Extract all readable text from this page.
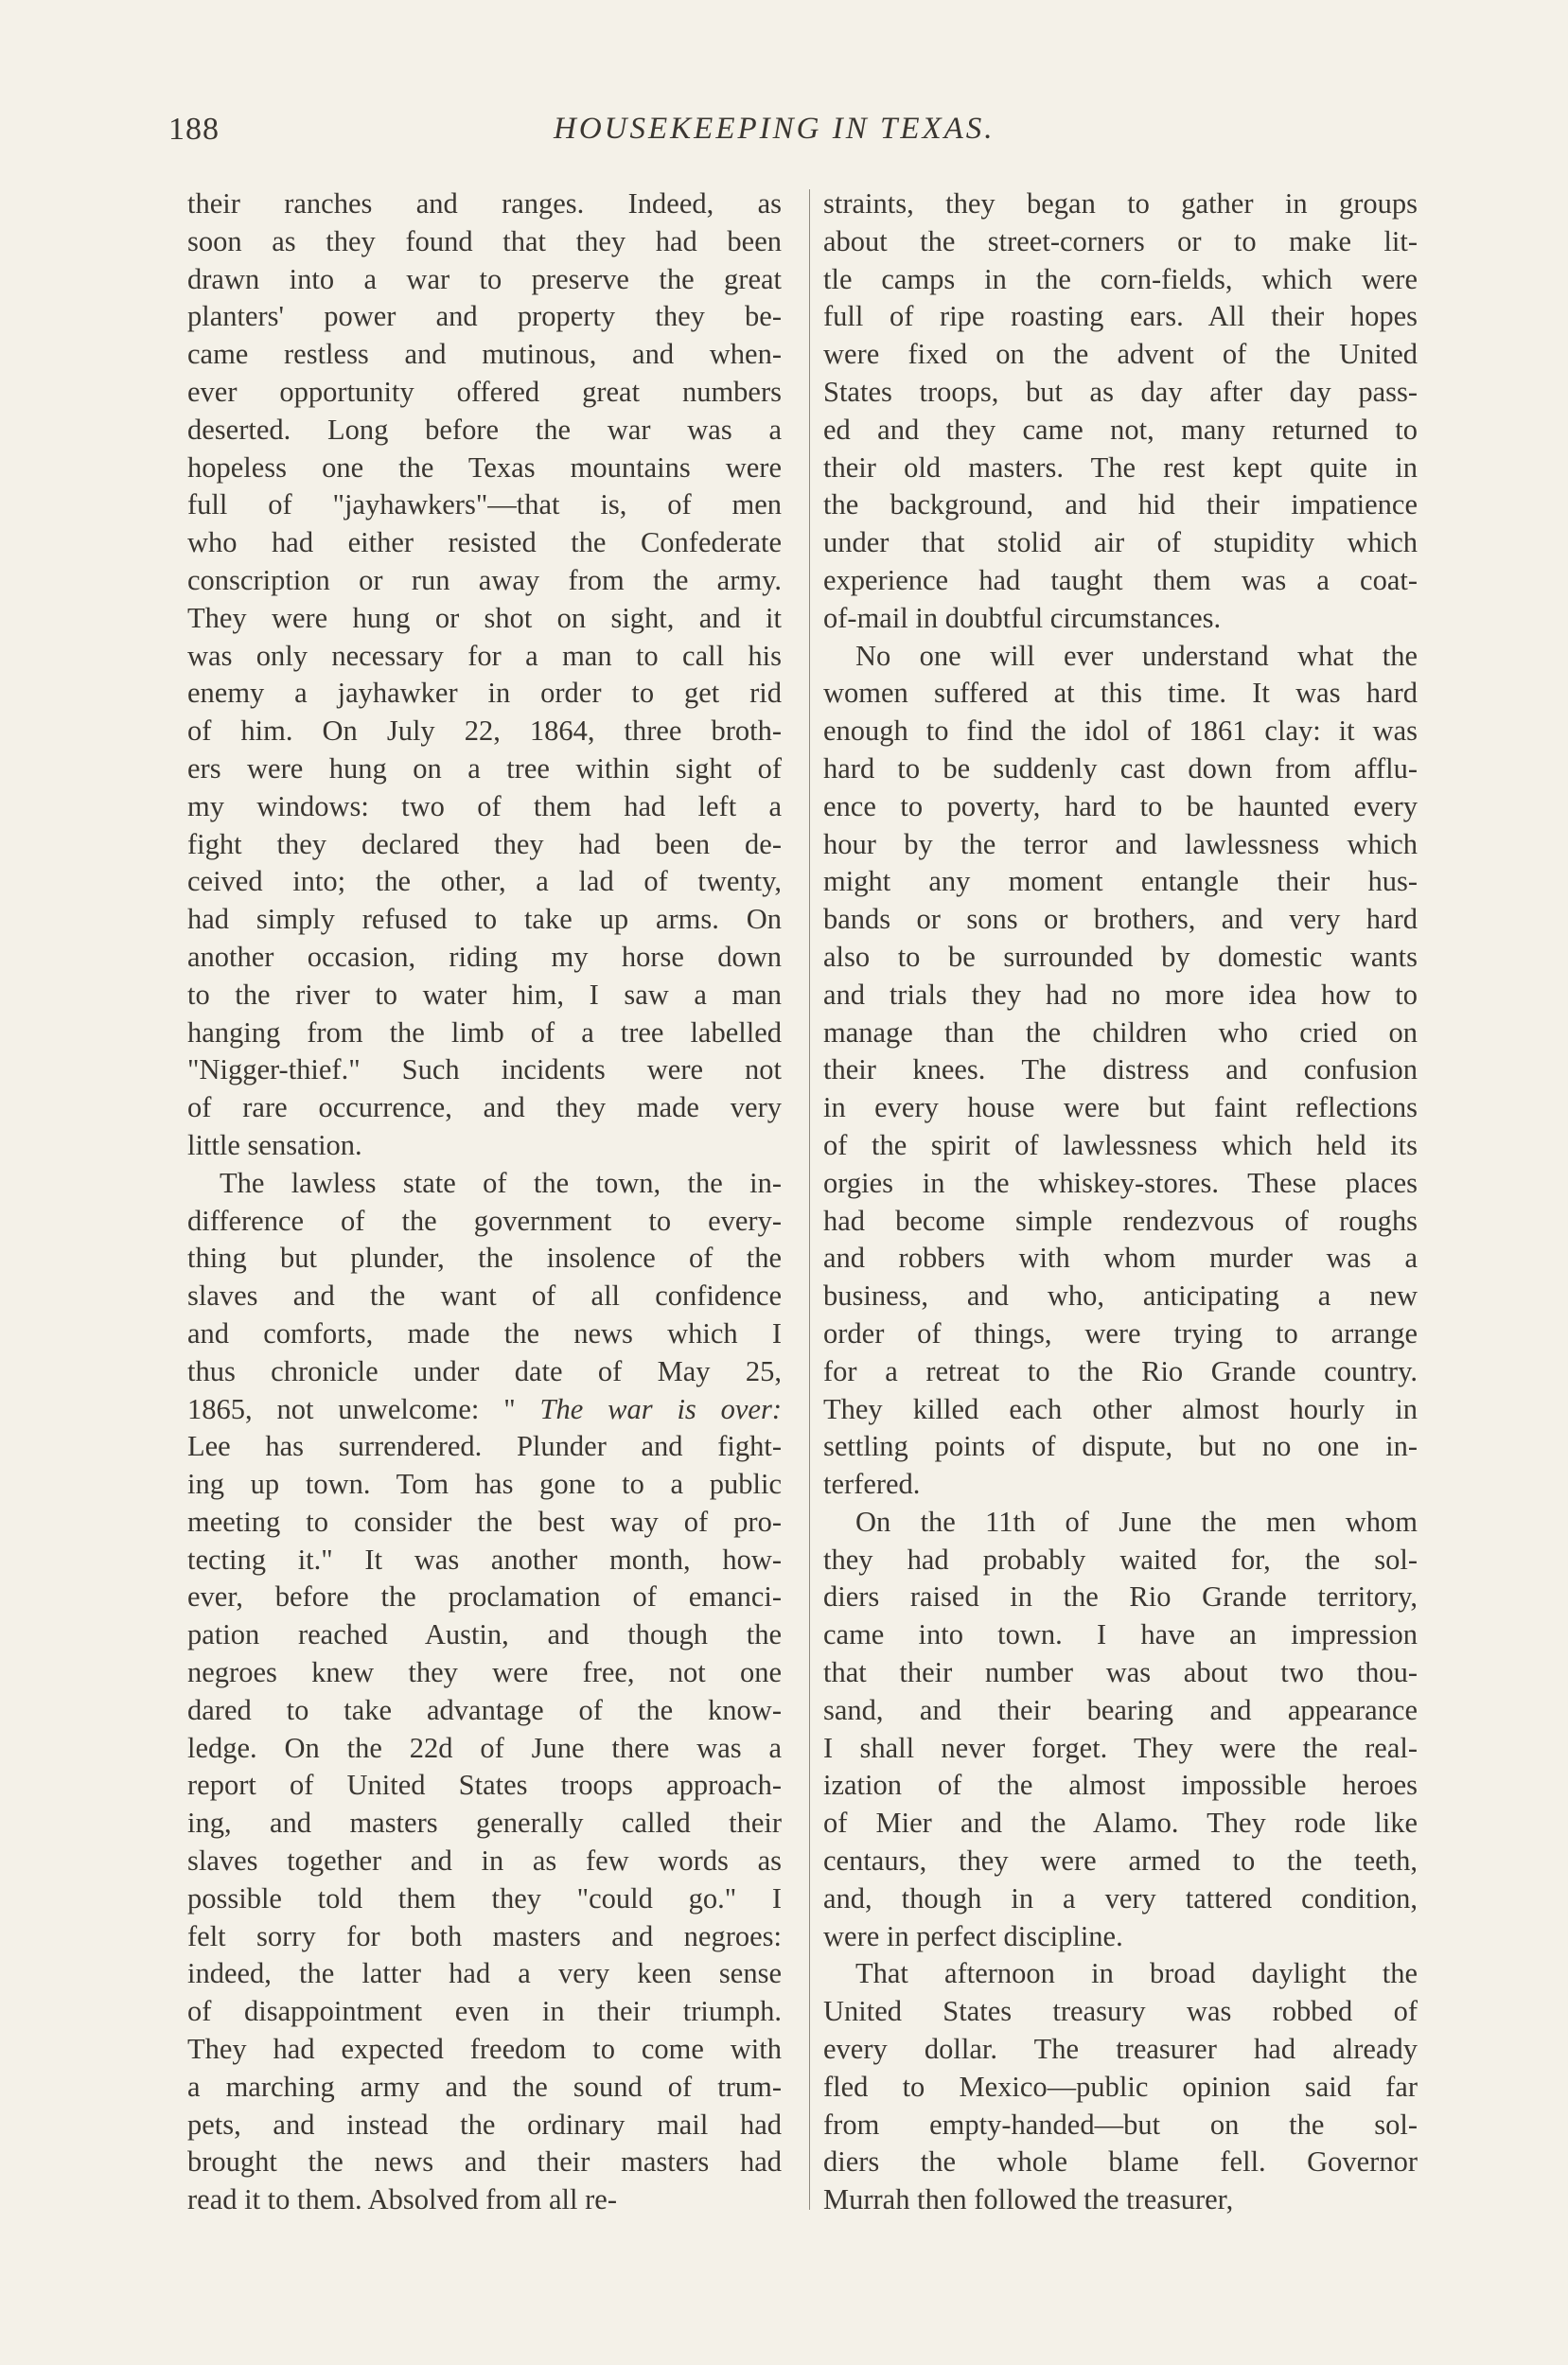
188	HOUSEKEEPING IN TEXAS.

their ranches and ranges. Indeed, as
soon as they found that they had been
drawn into a war to preserve the great
planters' power and property they be-
came restless and mutinous, and when-
ever opportunity offered great numbers
deserted. Long before the war was a
hopeless one the Texas mountains were
full of "jayhawkers"—that is, of men
who had either resisted the Confederate
conscription or run away from the army.
They were hung or shot on sight, and it
was only necessary for a man to call his
enemy a jayhawker in order to get rid
of him. On July 22, 1864, three broth-
ers were hung on a tree within sight of
my windows: two of them had left a
fight they declared they had been de-
ceived into; the other, a lad of twenty,
had simply refused to take up arms. On
another occasion, riding my horse down
to the river to water him, I saw a man
hanging from the limb of a tree labelled
"Nigger-thief." Such incidents were not
of rare occurrence, and they made very
little sensation.

The lawless state of the town, the in-
difference of the government to every-
thing but plunder, the insolence of the
slaves and the want of all confidence
and comforts, made the news which I
thus chronicle under date of May 25,
1865, not unwelcome: " The war is over:
Lee has surrendered. Plunder and fight-
ing up town. Tom has gone to a public
meeting to consider the best way of pro-
tecting it." It was another month, how-
ever, before the proclamation of emanci-
pation reached Austin, and though the
negroes knew they were free, not one
dared to take advantage of the know-
ledge. On the 22d of June there was a
report of United States troops approach-
ing, and masters generally called their
slaves together and in as few words as
possible told them they "could go." I
felt sorry for both masters and negroes:
indeed, the latter had a very keen sense
of disappointment even in their triumph.
They had expected freedom to come with
a marching army and the sound of trum-
pets, and instead the ordinary mail had
brought the news and their masters had
read it to them. Absolved from all re-

straints, they began to gather in groups
about the street-corners or to make lit-
tle camps in the corn-fields, which were
full of ripe roasting ears. All their hopes
were fixed on the advent of the United
States troops, but as day after day pass-
ed and they came not, many returned to
their old masters. The rest kept quite in
the background, and hid their impatience
under that stolid air of stupidity which
experience had taught them was a coat-
of-mail in doubtful circumstances.

No one will ever understand what the
women suffered at this time. It was hard
enough to find the idol of 1861 clay: it was
hard to be suddenly cast down from afflu-
ence to poverty, hard to be haunted every
hour by the terror and lawlessness which
might any moment entangle their hus-
bands or sons or brothers, and very hard
also to be surrounded by domestic wants
and trials they had no more idea how to
manage than the children who cried on
their knees. The distress and confusion
in every house were but faint reflections
of the spirit of lawlessness which held its
orgies in the whiskey-stores. These places
had become simple rendezvous of roughs
and robbers with whom murder was a
business, and who, anticipating a new
order of things, were trying to arrange
for a retreat to the Rio Grande country.
They killed each other almost hourly in
settling points of dispute, but no one in-
terfered.

On the 11th of June the men whom
they had probably waited for, the sol-
diers raised in the Rio Grande territory,
came into town. I have an impression
that their number was about two thou-
sand, and their bearing and appearance
I shall never forget. They were the real-
ization of the almost impossible heroes
of Mier and the Alamo. They rode like
centaurs, they were armed to the teeth,
and, though in a very tattered condition,
were in perfect discipline.

That afternoon in broad daylight the
United States treasury was robbed of
every dollar. The treasurer had already
fled to Mexico—public opinion said far
from empty-handed—but on the sol-
diers the whole blame fell. Governor
Murrah then followed the treasurer,
